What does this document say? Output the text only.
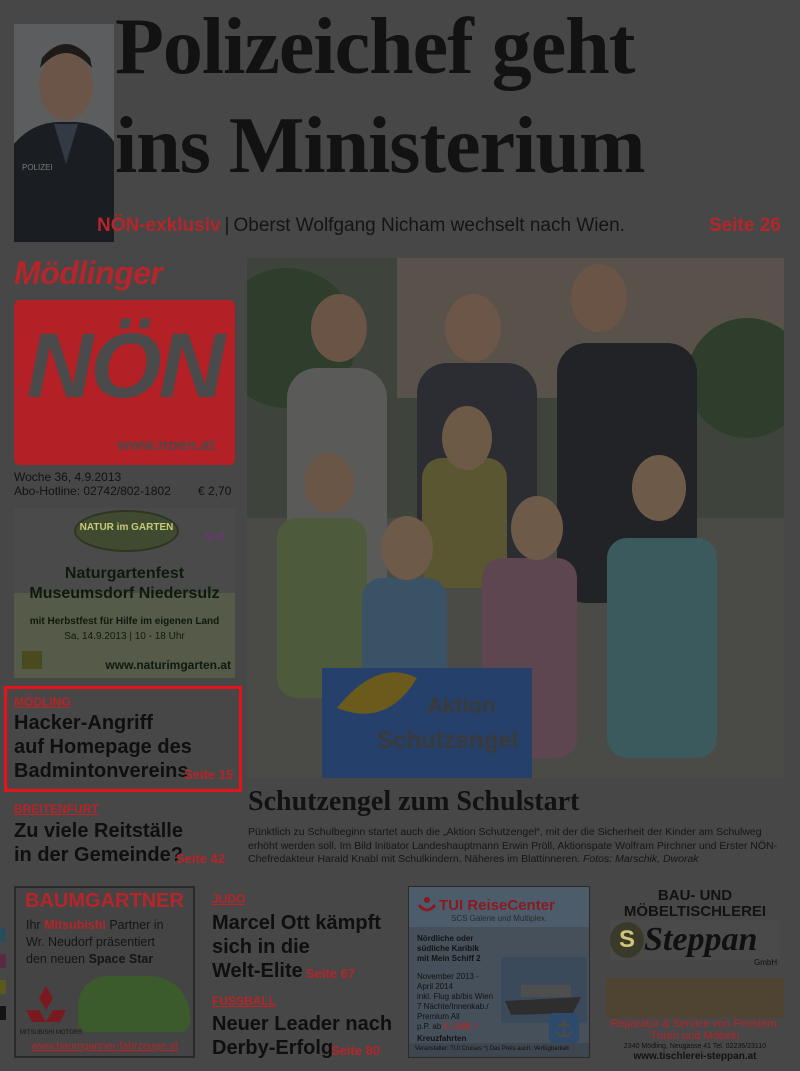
POLIZEI
Polizeichef geht
ins Ministerium
NÖN-exklusiv | Oberst Wolfgang Nicham wechselt nach Wien.	Seite 26
Mödlinger
NÖN
www.noen.at
Woche 36, 4.9.2013
Abo-Hotline: 02742/802-1802 € 2,70
NATUR im GARTEN
Naturgartenfest
Museumsdorf Niedersulz
mit Herbstfest für Hilfe im eigenen Land
Sa, 14.9.2013 | 10 - 18 Uhr
www.naturimgarten.at
MÖDLING
Hacker-Angriff
auf Homepage des
Badmintonvereins
Seite 15
BREITENFURT
Zu viele Reitställe
in der Gemeinde?
Seite 42
Aktion
Schutzengel
Schutzengel zum Schulstart
Pünktlich zu Schulbeginn startet auch die „Aktion Schutzengel“, mit der die Sicherheit der Kinder am Schulweg erhöht werden soll. Im Bild Initiator Landeshauptmann Erwin Pröll, Aktionspate Wolfram Pirchner und Erster NÖN-Chefredakteur Harald Knabl mit Schulkindern. Näheres im Blattinneren. Fotos: Marschik, Dworak
BAUMGARTNER
Ihr Mitsubishi Partner in
Wr. Neudorf präsentiert
den neuen Space Star
MITSUBISHI MOTORS
www.baumgartner-fahrzeuge.at
JUDO
Marcel Ott kämpft
sich in die
Welt-Elite Seite 67
FUSSBALL
Neuer Leader nach
Derby-Erfolg
Seite 80
TUI ReiseCenter
SCS Galerie und Multiplex
Nördliche oder
südliche Karibik
mit Mein Schiff 2
November 2013 -
April 2014
inkl. Flug ab/bis Wien
7 Nächte/Innenkab./
Premium All
p.P. ab € 1.695,-*
Kreuzfahrten
Veranstalter: TUI Cruises *) Das Preis auch: Verfügbarkeit
BAU- UND
MÖBELTISCHLEREI
S Steppan
GmbH
Reparatur & Service von Fenstern,
Türen und Möbeln
2340 Mödling, Neugasse 41 Tel. 02236/23110
www.tischlerei-steppan.at
